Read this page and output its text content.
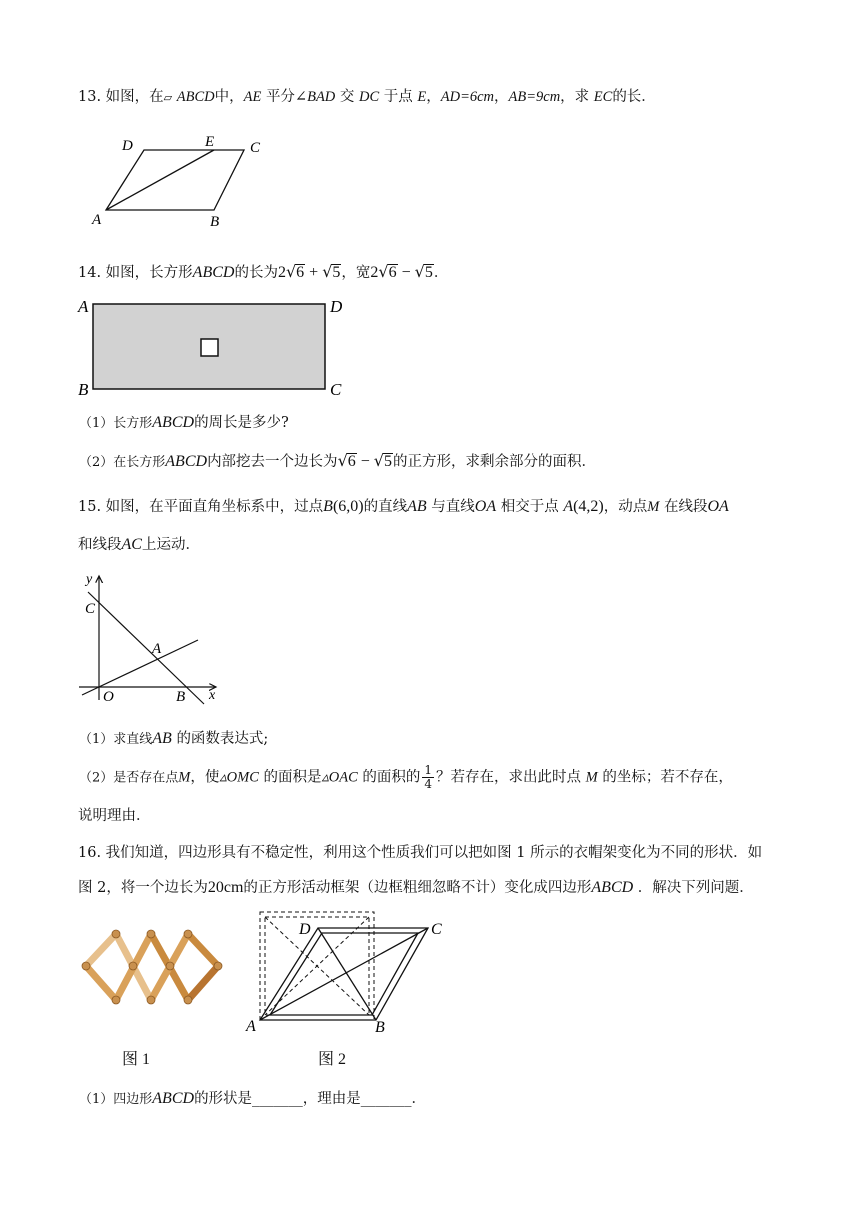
13. 如图，在▱ ABCD中，AE 平分∠BAD 交 DC 于点 E，AD=6cm，AB=9cm，求 EC的长．
D	E C
A	B
14. 如图，长方形ABCD的长为2√6 + √5，宽2√6 − √5．
A	D
B	C
（1）长方形ABCD的周长是多少?
（2）在长方形ABCD内部挖去一个边长为√6 − √5的正方形，求剩余部分的面积．
15. 如图，在平面直角坐标系中，过点B(6,0)的直线AB 与直线OA 相交于点 A(4,2)，动点M 在线段OA
和线段AC上运动．
y
C
A
O	B x
（1）求直线AB 的函数表达式;
（2）是否存在点M，使▵OMC 的面积是▵OAC 的面积的 $\frac{1}{4}$ ？若存在，求出此时点 M 的坐标；若不存在，
说明理由．
16. 我们知道，四边形具有不稳定性，利用这个性质我们可以把如图 1 所示的衣帽架变化为不同的形状．如
图 2，将一个边长为20cm的正方形活动框架（边框粗细忽略不计）变化成四边形ABCD ．解决下列问题．
D	C
A	B
图 1	图 2
（1）四边形ABCD的形状是_______，理由是_______．
